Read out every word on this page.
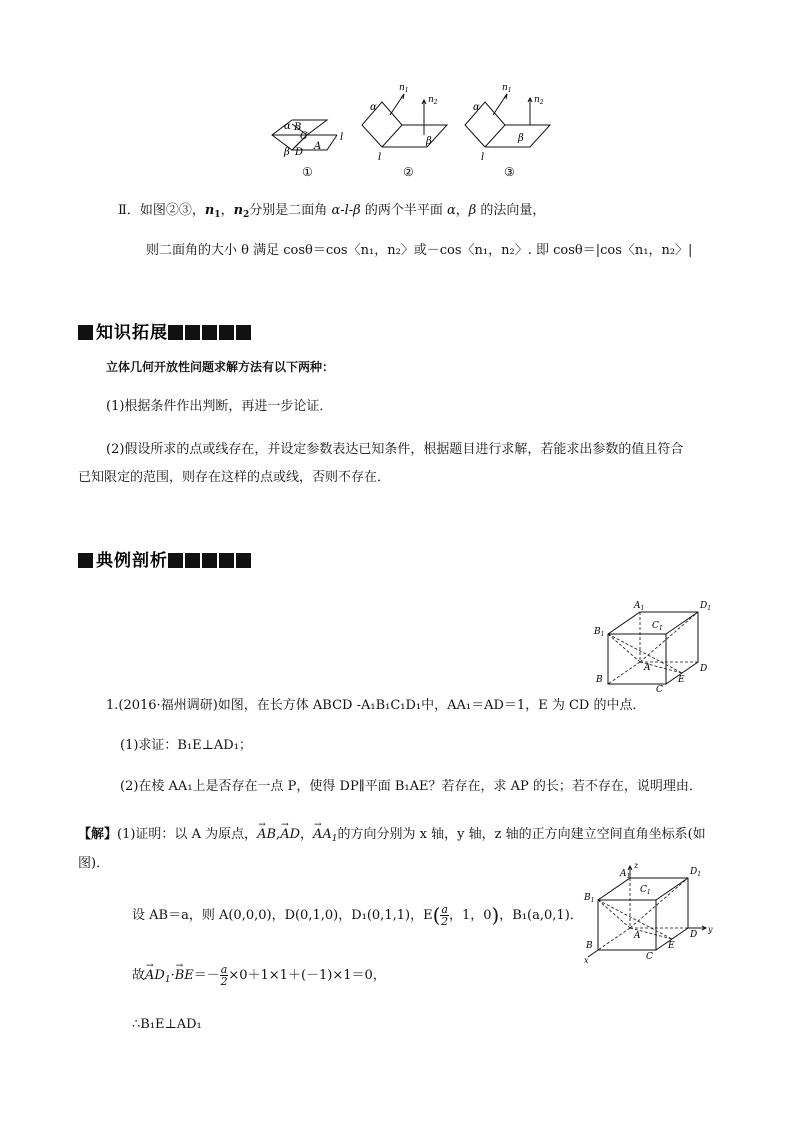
α B
C
β D
A
l
①
α
$n_1$
$n_2$
β
l
②
α
$n_1$
$n_2$
β
l
③
Ⅱ．如图②③，$n_1$，$n_2$分别是二面角 α-l-β 的两个半平面 α，β 的法向量，
则二面角的大小 θ 满足 cosθ＝cos〈n₁，n₂〉或－cos〈n₁，n₂〉. 即 cosθ＝|cos〈n₁，n₂〉|
知识拓展
立体几何开放性问题求解方法有以下两种：
(1)根据条件作出判断，再进一步论证．
(2)假设所求的点或线存在，并设定参数表达已知条件，根据题目进行求解，若能求出参数的值且符合
已知限定的范围，则存在这样的点或线，否则不存在．
典例剖析
$A_1$	$D_1$
$B_1$
$C_1$
A
B
C
D
E
1.(2016·福州调研)如图，在长方体 ABCD -A₁B₁C₁D₁中，AA₁＝AD＝1，E 为 CD 的中点．
(1)求证：B₁E⊥AD₁；
(2)在棱 AA₁上是否存在一点 P，使得 DP∥平面 B₁AE？若存在，求 AP 的长；若不存在，说明理由．
【解】(1)证明：以 A 为原点，→ AB,→ AD，→ $AA_1$的方向分别为 x 轴，y 轴，z 轴的正方向建立空间直角坐标系(如
图)．	z
y
x
$A_1$	$D_1$
$B_1$
$C_1$
A
B
C
D
E
设 AB＝a，则 A(0,0,0)，D(0,1,0)，D₁(0,1,1)，$E( \frac{a}{2}$ ，1，0)，B₁(a,0,1)．
故→ $AD_1\cdot\to BE=- \frac{a}{2} \times 0+1\times 1+(-1)\times 1=0$，
∴B₁E⊥AD₁
